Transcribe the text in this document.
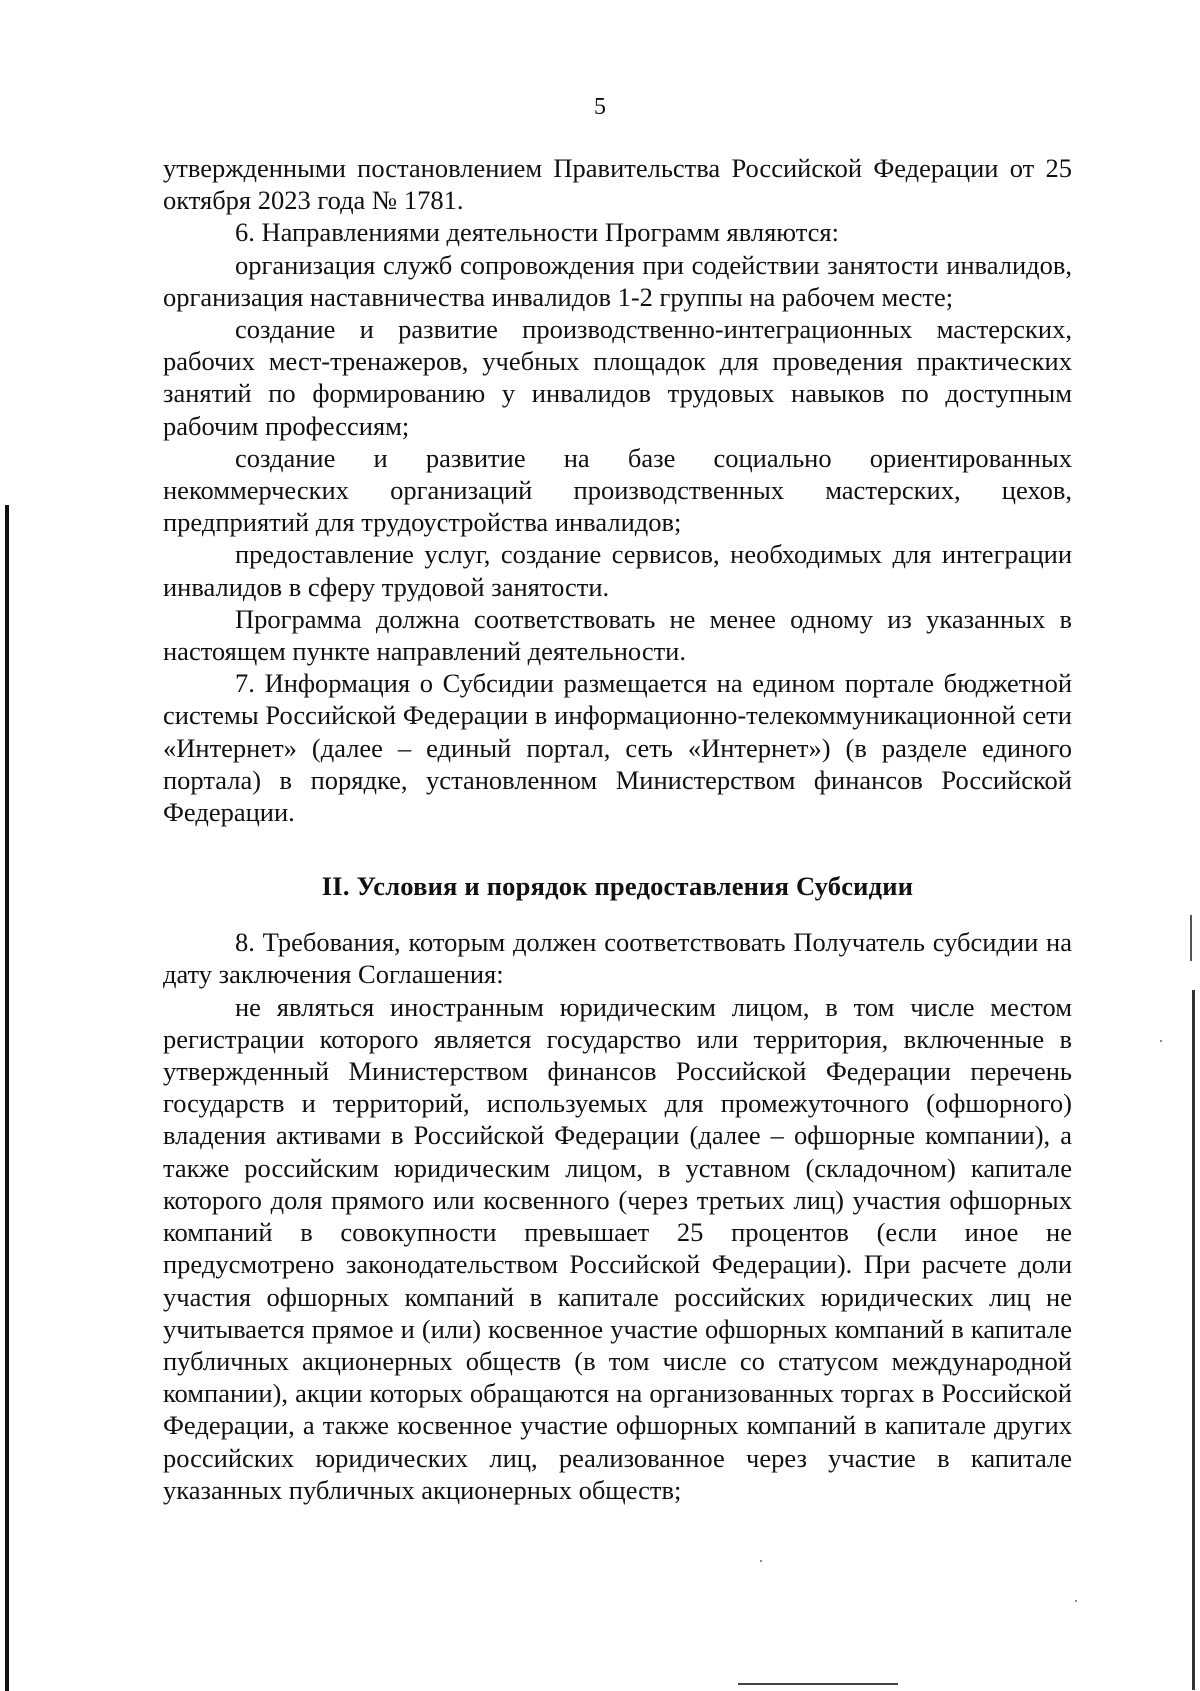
5

утвержденными постановлением Правительства Российской Федерации от 25 октября 2023 года № 1781.

6. Направлениями деятельности Программ являются:

организация служб сопровождения при содействии занятости инвалидов, организация наставничества инвалидов 1-2 группы на рабочем месте;

создание и развитие производственно-интеграционных мастерских, рабочих мест-тренажеров, учебных площадок для проведения практических занятий по формированию у инвалидов трудовых навыков по доступным рабочим профессиям;

создание и развитие на базе социально ориентированных некоммерческих организаций производственных мастерских, цехов, предприятий для трудоустройства инвалидов;

предоставление услуг, создание сервисов, необходимых для интеграции инвалидов в сферу трудовой занятости.

Программа должна соответствовать не менее одному из указанных в настоящем пункте направлений деятельности.

7. Информация о Субсидии размещается на едином портале бюджетной системы Российской Федерации в информационно-телекоммуникационной сети «Интернет» (далее – единый портал, сеть «Интернет») (в разделе единого портала) в порядке, установленном Министерством финансов Российской Федерации.

II. Условия и порядок предоставления Субсидии

8. Требования, которым должен соответствовать Получатель субсидии на дату заключения Соглашения:

не являться иностранным юридическим лицом, в том числе местом регистрации которого является государство или территория, включенные в утвержденный Министерством финансов Российской Федерации перечень государств и территорий, используемых для промежуточного (офшорного) владения активами в Российской Федерации (далее – офшорные компании), а также российским юридическим лицом, в уставном (складочном) капитале которого доля прямого или косвенного (через третьих лиц) участия офшорных компаний в совокупности превышает 25 процентов (если иное не предусмотрено законодательством Российской Федерации). При расчете доли участия офшорных компаний в капитале российских юридических лиц не учитывается прямое и (или) косвенное участие офшорных компаний в капитале публичных акционерных обществ (в том числе со статусом международной компании), акции которых обращаются на организованных торгах в Российской Федерации, а также косвенное участие офшорных компаний в капитале других российских юридических лиц, реализованное через участие в капитале указанных публичных акционерных обществ;
